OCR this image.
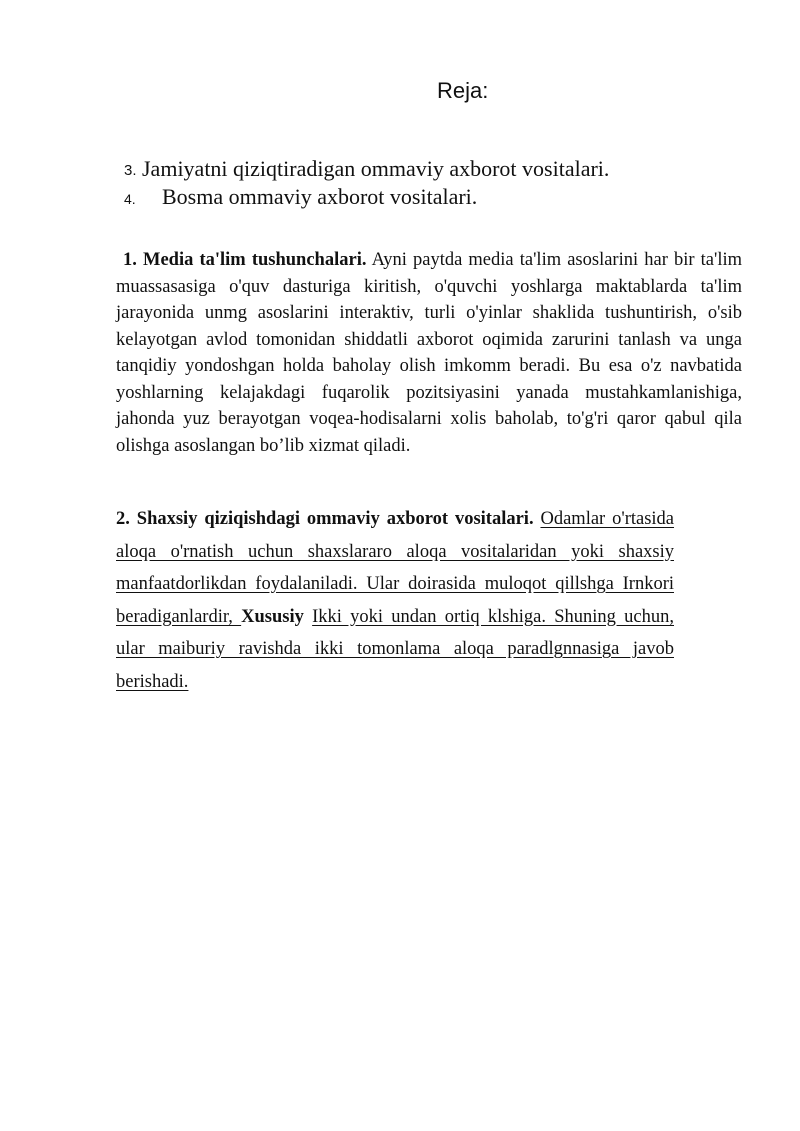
Reja:
3. Jamiyatni qiziqtiradigan ommaviy axborot vositalari.
4. Bosma ommaviy axborot vositalari.
1. Media ta'lim tushunchalari. Ayni paytda media ta'lim asoslarini har bir ta'lim muassasasiga o'quv dasturiga kiritish, o'quvchi yoshlarga maktablarda ta'lim jarayonida unmg asoslarini interaktiv, turli o'yinlar shaklida tushuntirish, o'sib kelayotgan avlod tomonidan shiddatli axborot oqimida zarurini tanlash va unga tanqidiy yondoshgan holda baholay olish imkomm beradi. Bu esa o'z navbatida yoshlarning kelajakdagi fuqarolik pozitsiyasini yanada mustahkamlanishiga, jahonda yuz berayotgan voqea-hodisalarni xolis baholab, to'g'ri qaror qabul qila olishga asoslangan bo’lib xizmat qiladi.
2. Shaxsiy qiziqishdagi ommaviy axborot vositalari. Odamlar o'rtasida aloqa o'rnatish uchun shaxslararo aloqa vositalaridan yoki shaxsiy manfaatdorlikdan foydalaniladi. Ular doirasida muloqot qillshga Irnkori beradiganlardir, Xususiy Ikki yoki undan ortiq klshiga. Shuning uchun, ular maiburiy ravishda ikki tomonlama aloqa paradlgnnasiga javob berishadi.
